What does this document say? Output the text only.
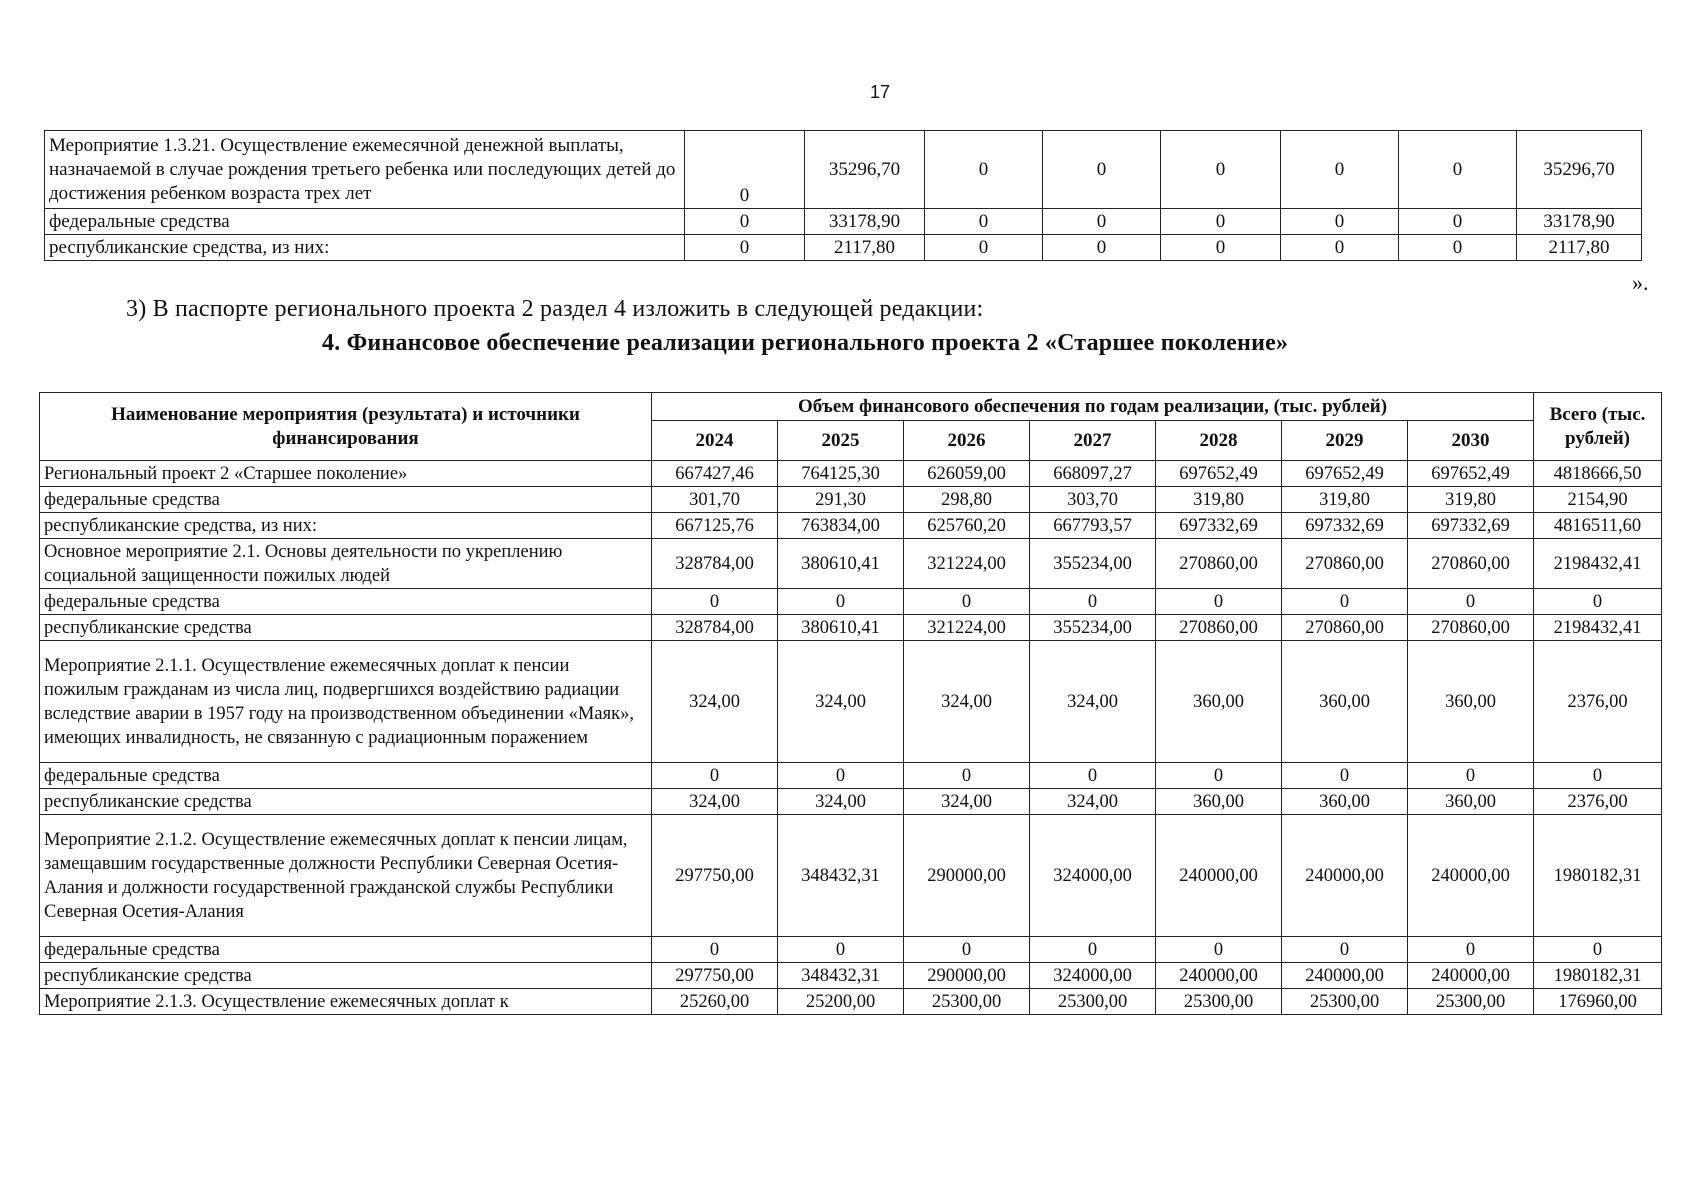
17
Мероприятие 1.3.21. Осуществление ежемесячной денежной выплаты, назначаемой в случае рождения третьего ребенка или последующих детей до достижения ребенком возраста трех лет	0	35296,70	0	0	0	0	0	35296,70
федеральные средства	0	33178,90	0	0	0	0	0	33178,90
республиканские средства, из них:	0	2117,80	0	0	0	0	0	2117,80
».
3) В паспорте регионального проекта 2 раздел 4 изложить в следующей редакции:
4. Финансовое обеспечение реализации регионального проекта 2 «Старшее поколение»
Наименование мероприятия (результата) и источники финансирования	Объем финансового обеспечения по годам реализации, (тыс. рублей)							Всего (тыс. рублей)
	2024	2025	2026	2027	2028	2029	2030	
Региональный проект 2 «Старшее поколение»	667427,46	764125,30	626059,00	668097,27	697652,49	697652,49	697652,49	4818666,50
федеральные средства	301,70	291,30	298,80	303,70	319,80	319,80	319,80	2154,90
республиканские средства, из них:	667125,76	763834,00	625760,20	667793,57	697332,69	697332,69	697332,69	4816511,60
Основное мероприятие 2.1. Основы деятельности по укреплению социальной защищенности пожилых людей	328784,00	380610,41	321224,00	355234,00	270860,00	270860,00	270860,00	2198432,41
федеральные средства	0	0	0	0	0	0	0	0
республиканские средства	328784,00	380610,41	321224,00	355234,00	270860,00	270860,00	270860,00	2198432,41
Мероприятие 2.1.1. Осуществление ежемесячных доплат к пенсии пожилым гражданам из числа лиц, подвергшихся воздействию радиации вследствие аварии в 1957 году на производственном объединении «Маяк», имеющих инвалидность, не связанную с радиационным поражением	324,00	324,00	324,00	324,00	360,00	360,00	360,00	2376,00
федеральные средства	0	0	0	0	0	0	0	0
республиканские средства	324,00	324,00	324,00	324,00	360,00	360,00	360,00	2376,00
Мероприятие 2.1.2. Осуществление ежемесячных доплат к пенсии лицам, замещавшим государственные должности Республики Северная Осетия-Алания и должности государственной гражданской службы Республики Северная Осетия-Алания	297750,00	348432,31	290000,00	324000,00	240000,00	240000,00	240000,00	1980182,31
федеральные средства	0	0	0	0	0	0	0	0
республиканские средства	297750,00	348432,31	290000,00	324000,00	240000,00	240000,00	240000,00	1980182,31
Мероприятие 2.1.3. Осуществление ежемесячных доплат к	25260,00	25200,00	25300,00	25300,00	25300,00	25300,00	25300,00	176960,00
